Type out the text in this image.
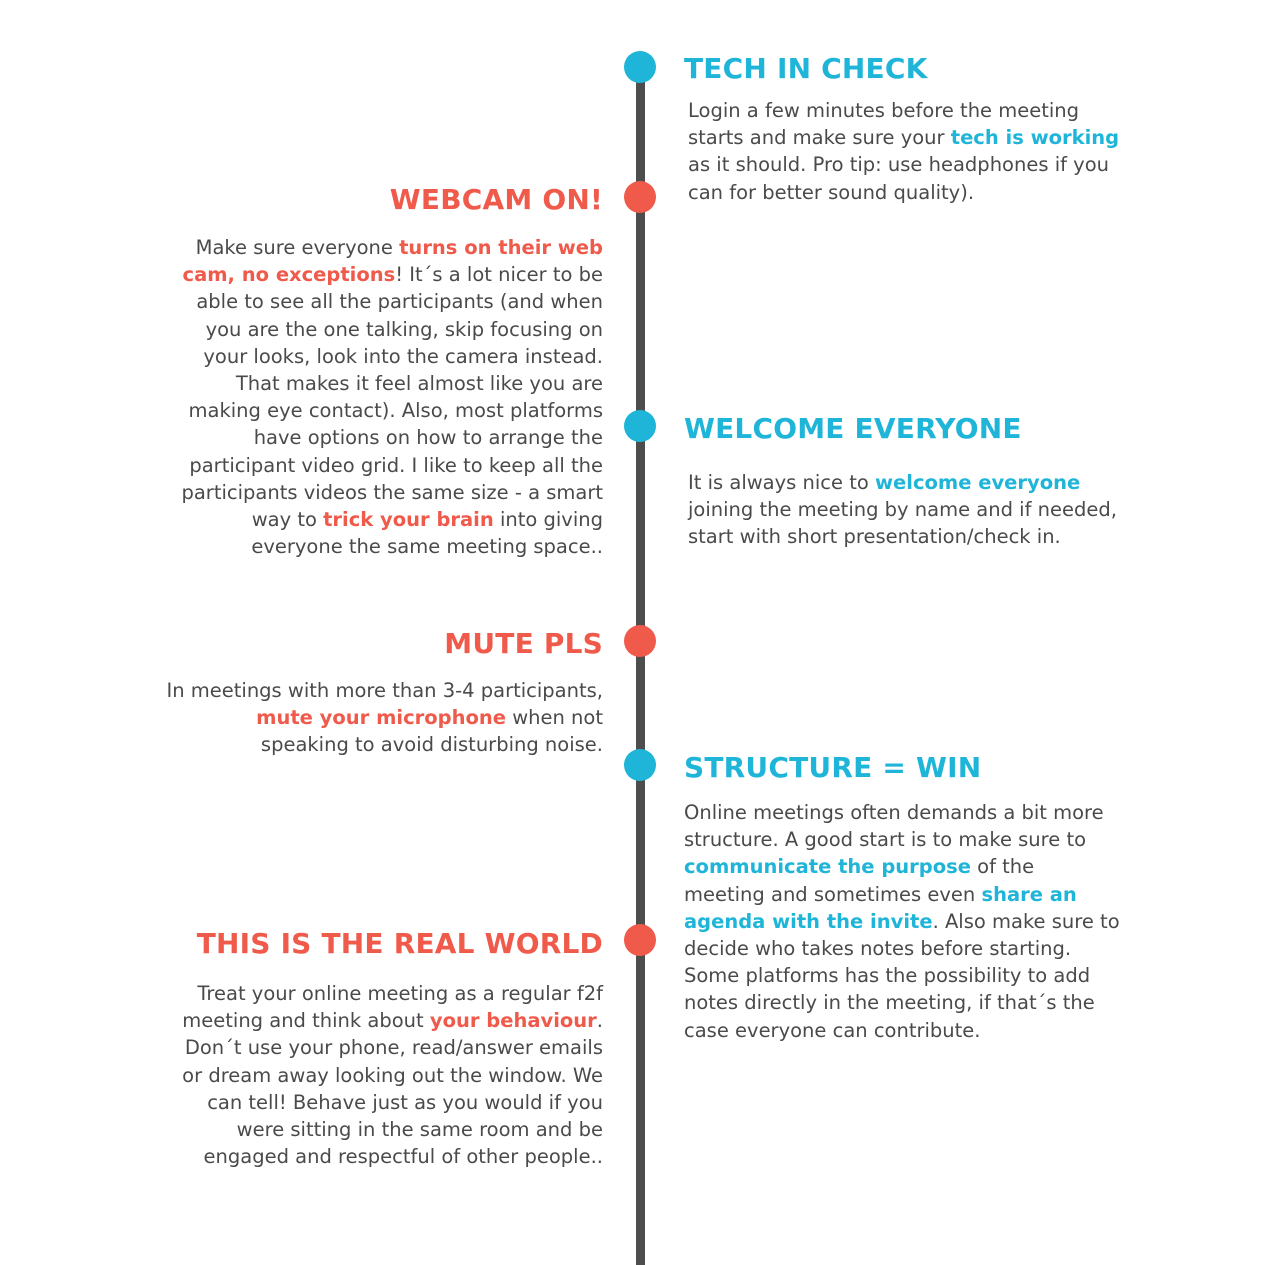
TECH IN CHECK

Login a few minutes before the meeting starts and make sure your tech is working as it should. Pro tip: use headphones if you can for better sound quality).

WEBCAM ON!

Make sure everyone turns on their web cam, no exceptions! It´s a lot nicer to be able to see all the participants (and when you are the one talking, skip focusing on your looks, look into the camera instead. That makes it feel almost like you are making eye contact). Also, most platforms have options on how to arrange the participant video grid. I like to keep all the participants videos the same size - a smart way to trick your brain into giving everyone the same meeting space..

WELCOME EVERYONE

It is always nice to welcome everyone joining the meeting by name and if needed, start with short presentation/check in.

MUTE PLS

In meetings with more than 3-4 participants, mute your microphone when not speaking to avoid disturbing noise.

STRUCTURE = WIN

Online meetings often demands a bit more structure. A good start is to make sure to communicate the purpose of the meeting and sometimes even share an agenda with the invite. Also make sure to decide who takes notes before starting. Some platforms has the possibility to add notes directly in the meeting, if that´s the case everyone can contribute.

THIS IS THE REAL WORLD

Treat your online meeting as a regular f2f meeting and think about your behaviour. Don´t use your phone, read/answer emails or dream away looking out the window. We can tell! Behave just as you would if you were sitting in the same room and be engaged and respectful of other people..
